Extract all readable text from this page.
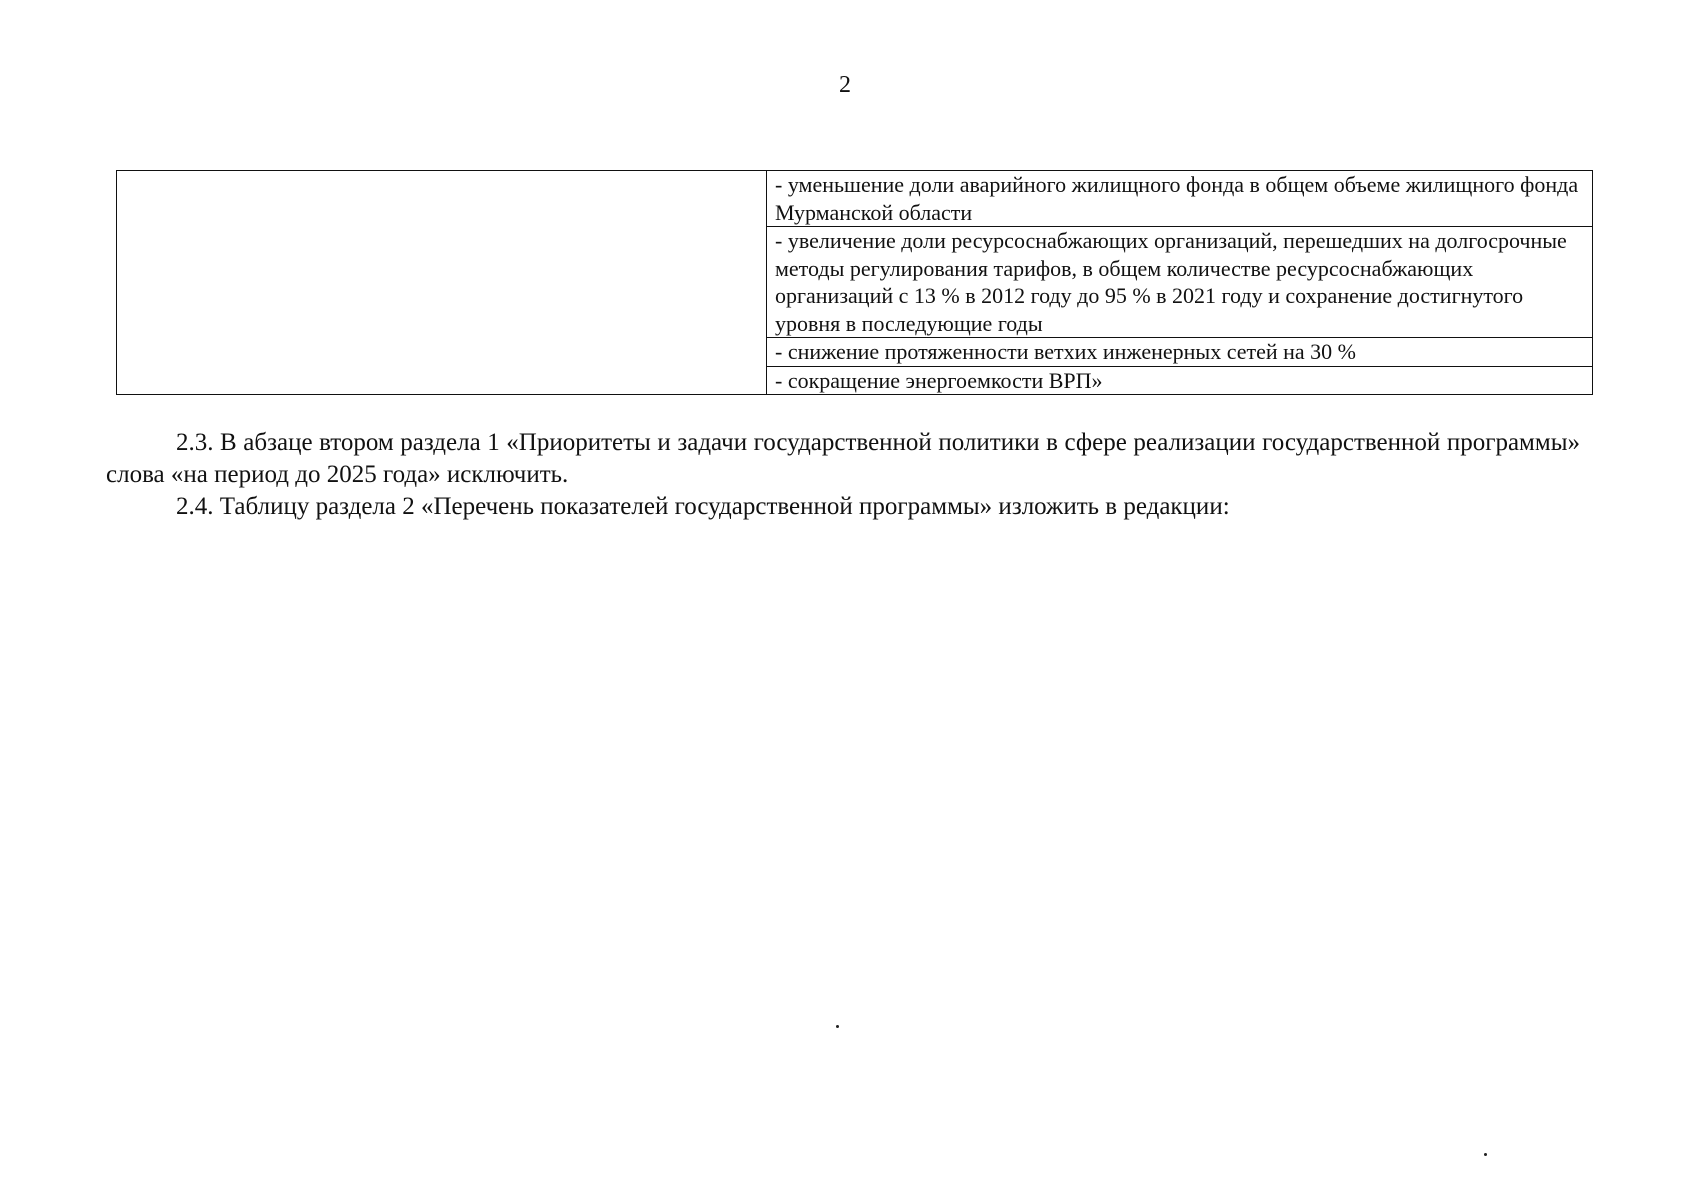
2
	- уменьшение доли аварийного жилищного фонда в общем объеме жилищного фонда Мурманской области
- увеличение доли ресурсоснабжающих организаций, перешедших на долгосрочные методы регулирования тарифов, в общем количестве ресурсоснабжающих организаций с 13 % в 2012 году до 95 % в 2021 году и сохранение достигнутого уровня в последующие годы
- снижение протяженности ветхих инженерных сетей на 30 %
- сокращение энергоемкости ВРП»

2.3. В абзаце втором раздела 1 «Приоритеты и задачи государственной политики в сфере реализации государственной программы» слова «на период до 2025 года» исключить.

2.4. Таблицу раздела 2 «Перечень показателей государственной программы» изложить в редакции:
